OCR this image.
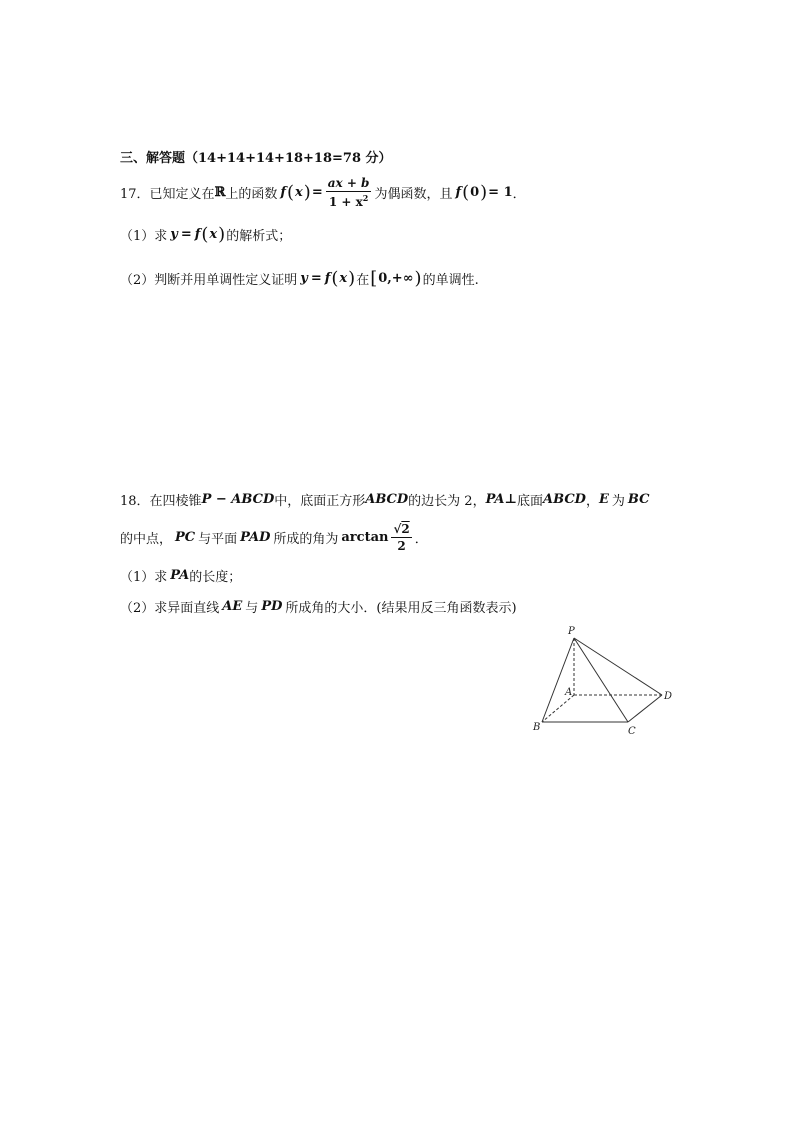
三、解答题（14+14+14+18+18=78 分）
17． 已知定义在 ℝ 上的函数 f ( x ) = $\frac{ax + b}{1 + x^2}$ 为偶函数，且 f ( 0 ) = 1 ．
（1） 求 y = f ( x ) 的解析式；
（2） 判断并用单调性定义证明 y = f ( x ) 在 [ 0,+∞ ) 的单调性.
18． 在四棱锥 P − ABCD 中，底面正方形 ABCD 的边长为 2， PA ⊥ 底面 ABCD ， E 为 BC
的中点， PC 与平面 PAD 所成的角为 $\arctan \frac{√2}{2}$ ．
（1） 求 PA 的长度；
（2） 求异面直线 AE 与 PD 所成角的大小．(结果用反三角函数表示)
P
A
B	C
D
